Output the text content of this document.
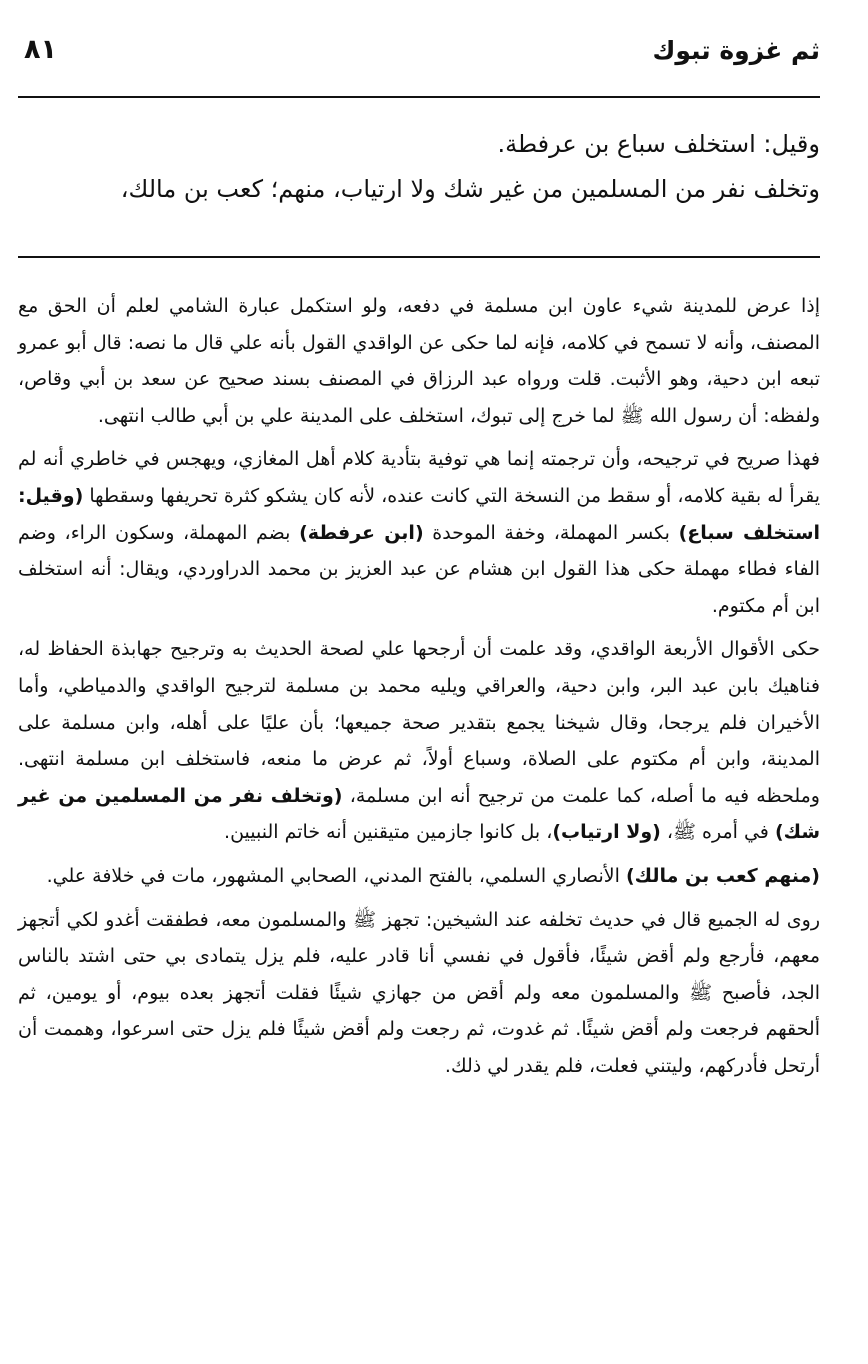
ثم غزوة تبوك
٨١

وقيل: استخلف سباع بن عرفطة.

وتخلف نفر من المسلمين من غير شك ولا ارتياب، منهم؛ كعب بن مالك،

إذا عرض للمدينة شيء عاون ابن مسلمة في دفعه، ولو استكمل عبارة الشامي لعلم أن الحق مع المصنف، وأنه لا تسمح في كلامه، فإنه لما حكى عن الواقدي القول بأنه علي قال ما نصه: قال أبو عمرو تبعه ابن دحية، وهو الأثبت. قلت ورواه عبد الرزاق في المصنف بسند صحيح عن سعد بن أبي وقاص، ولفظه: أن رسول الله ﷺ لما خرج إلى تبوك، استخلف على المدينة علي بن أبي طالب انتهى.

فهذا صريح في ترجيحه، وأن ترجمته إنما هي توفية بتأدية كلام أهل المغازي، ويهجس في خاطري أنه لم يقرأ له بقية كلامه، أو سقط من النسخة التي كانت عنده، لأنه كان يشكو كثرة تحريفها وسقطها (وقيل: استخلف سباع) بكسر المهملة، وخفة الموحدة (ابن عرفطة) بضم المهملة، وسكون الراء، وضم الفاء فطاء مهملة حكى هذا القول ابن هشام عن عبد العزيز بن محمد الدراوردي، ويقال: أنه استخلف ابن أم مكتوم.

حكى الأقوال الأربعة الواقدي، وقد علمت أن أرجحها علي لصحة الحديث به وترجيح جهابذة الحفاظ له، فناهيك بابن عبد البر، وابن دحية، والعراقي ويليه محمد بن مسلمة لترجيح الواقدي والدمياطي، وأما الأخيران فلم يرجحا، وقال شيخنا يجمع بتقدير صحة جميعها؛ بأن عليًا على أهله، وابن مسلمة على المدينة، وابن أم مكتوم على الصلاة، وسباع أولاً، ثم عرض ما منعه، فاستخلف ابن مسلمة انتهى. وملحظه فيه ما أصله، كما علمت من ترجيح أنه ابن مسلمة، (وتخلف نفر من المسلمين من غير شك) في أمره ﷺ، (ولا ارتياب)، بل كانوا جازمين متيقنين أنه خاتم النبيين.

(منهم كعب بن مالك) الأنصاري السلمي، بالفتح المدني، الصحابي المشهور، مات في خلافة علي.

روى له الجميع قال في حديث تخلفه عند الشيخين: تجهز ﷺ والمسلمون معه، فطفقت أغدو لكي أتجهز معهم، فأرجع ولم أقض شيئًا، فأقول في نفسي أنا قادر عليه، فلم يزل يتمادى بي حتى اشتد بالناس الجد، فأصبح ﷺ والمسلمون معه ولم أقض من جهازي شيئًا فقلت أتجهز بعده بيوم، أو يومين، ثم ألحقهم فرجعت ولم أقض شيئًا. ثم غدوت، ثم رجعت ولم أقض شيئًا فلم يزل حتى اسرعوا، وهممت أن أرتحل فأدركهم، وليتني فعلت، فلم يقدر لي ذلك.
